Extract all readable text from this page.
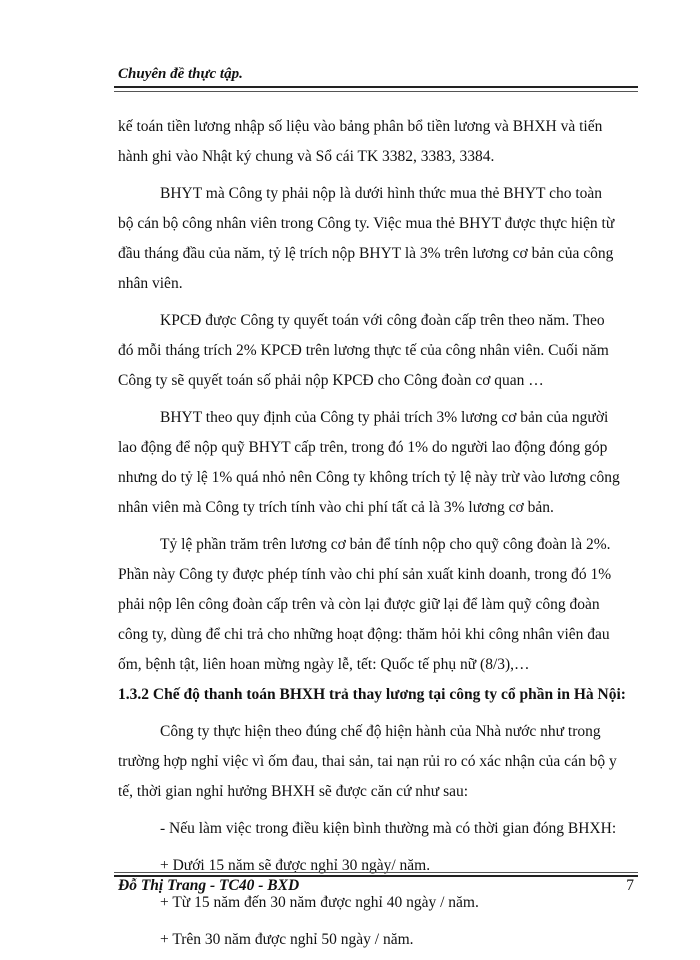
Chuyên đề thực tập.
kế toán tiền lương nhập số liệu vào bảng phân bổ tiền lương và BHXH và tiến
hành ghi vào Nhật ký chung và Sổ cái TK 3382, 3383, 3384.
BHYT mà Công ty phải nộp là dưới hình thức mua thẻ BHYT cho toàn
bộ cán bộ công nhân viên trong Công ty. Việc mua thẻ BHYT được thực hiện từ
đầu tháng đầu của năm, tỷ lệ trích nộp BHYT là 3% trên lương cơ bản của công
nhân viên.
KPCĐ được Công ty quyết toán với công đoàn cấp trên theo năm. Theo
đó mỗi tháng trích 2% KPCĐ trên lương thực tế của công nhân viên. Cuối năm
Công ty sẽ quyết toán số phải nộp KPCĐ cho Công đoàn cơ quan …
BHYT theo quy định của Công ty phải trích 3% lương cơ bản của người
lao động để nộp quỹ BHYT cấp trên, trong đó 1% do người lao động đóng góp
nhưng do tỷ lệ 1% quá nhỏ nên Công ty không trích tỷ lệ này trừ vào lương công
nhân viên mà Công ty trích tính vào chi phí tất cả là 3% lương cơ bản.
Tỷ lệ phần trăm trên lương cơ bản để tính nộp cho quỹ công đoàn là 2%.
Phần này Công ty được phép tính vào chi phí sản xuất kinh doanh, trong đó 1%
phải nộp lên công đoàn cấp trên và còn lại được giữ lại để làm quỹ công đoàn
công ty, dùng để chi trả cho những hoạt động: thăm hỏi khi công nhân viên đau
ốm, bệnh tật, liên hoan mừng ngày lễ, tết: Quốc tế phụ nữ (8/3),…
1.3.2 Chế độ thanh toán BHXH trả thay lương tại công ty cổ phần in Hà Nội:
Công ty thực hiện theo đúng chế độ hiện hành của Nhà nước như trong
trường hợp nghỉ việc vì ốm đau, thai sản, tai nạn rủi ro có xác nhận của cán bộ y
tế, thời gian nghỉ hưởng BHXH sẽ được căn cứ như sau:
- Nếu làm việc trong điều kiện bình thường mà có thời gian đóng BHXH:
+ Dưới 15 năm sẽ được nghỉ 30 ngày/ năm.
+ Từ 15 năm đến 30 năm được nghỉ 40 ngày / năm.
+ Trên 30 năm được nghỉ 50 ngày / năm.
Đỗ Thị Trang - TC40 - BXD	7
